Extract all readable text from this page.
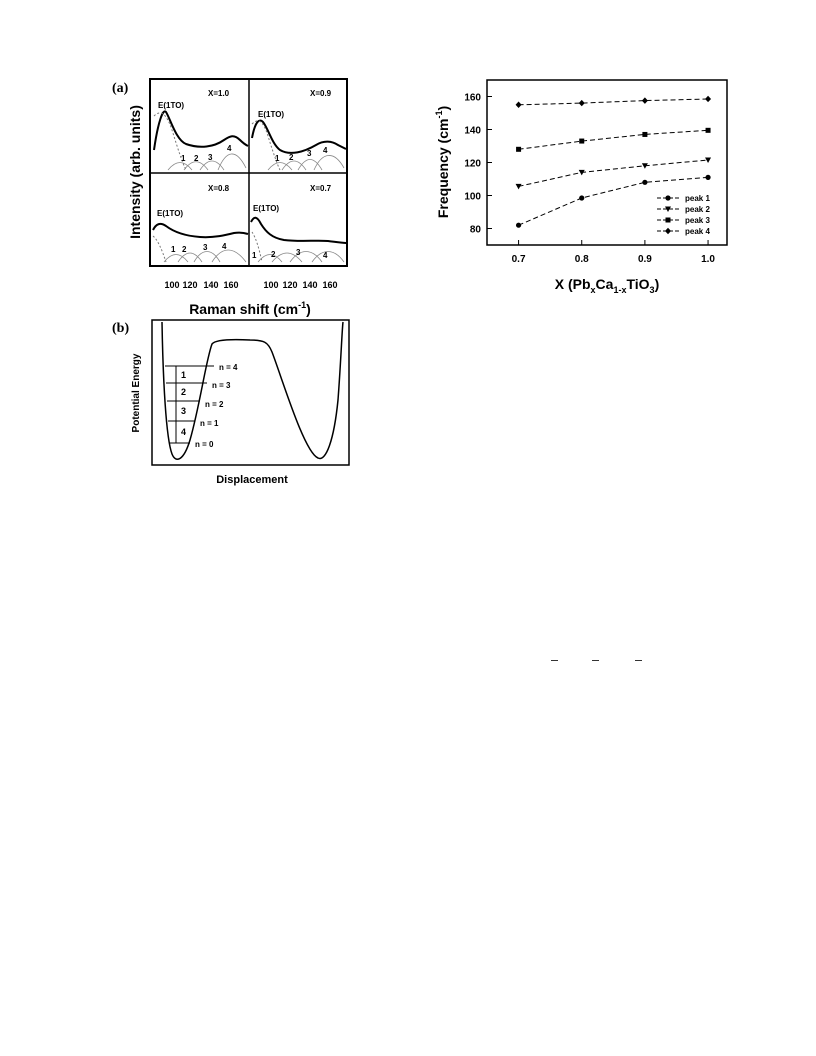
(a)
E(1TO)
X=1.0
1 2 3
4
E(1TO)
X=0.9
1 2 3 4
E(1TO)
X=0.8
1 2 3 4
E(1TO)
X=0.7
1 2	3	4
100 120 140 160	100 120 140 160
Intensity (arb. units)
Raman shift $(cm^{-1})$
(b)
1
2
3
4
n = 4
n = 3
n = 2
n = 1
n = 0
Potential Energy
Displacement
80
100
120
140
160
0.7	0.8	0.9	1.0
peak 1
peak 2
peak 3
peak 4
Frequency $(cm^{-1})$
X $(Pb_xCa_{1-x}TiO_3)$
